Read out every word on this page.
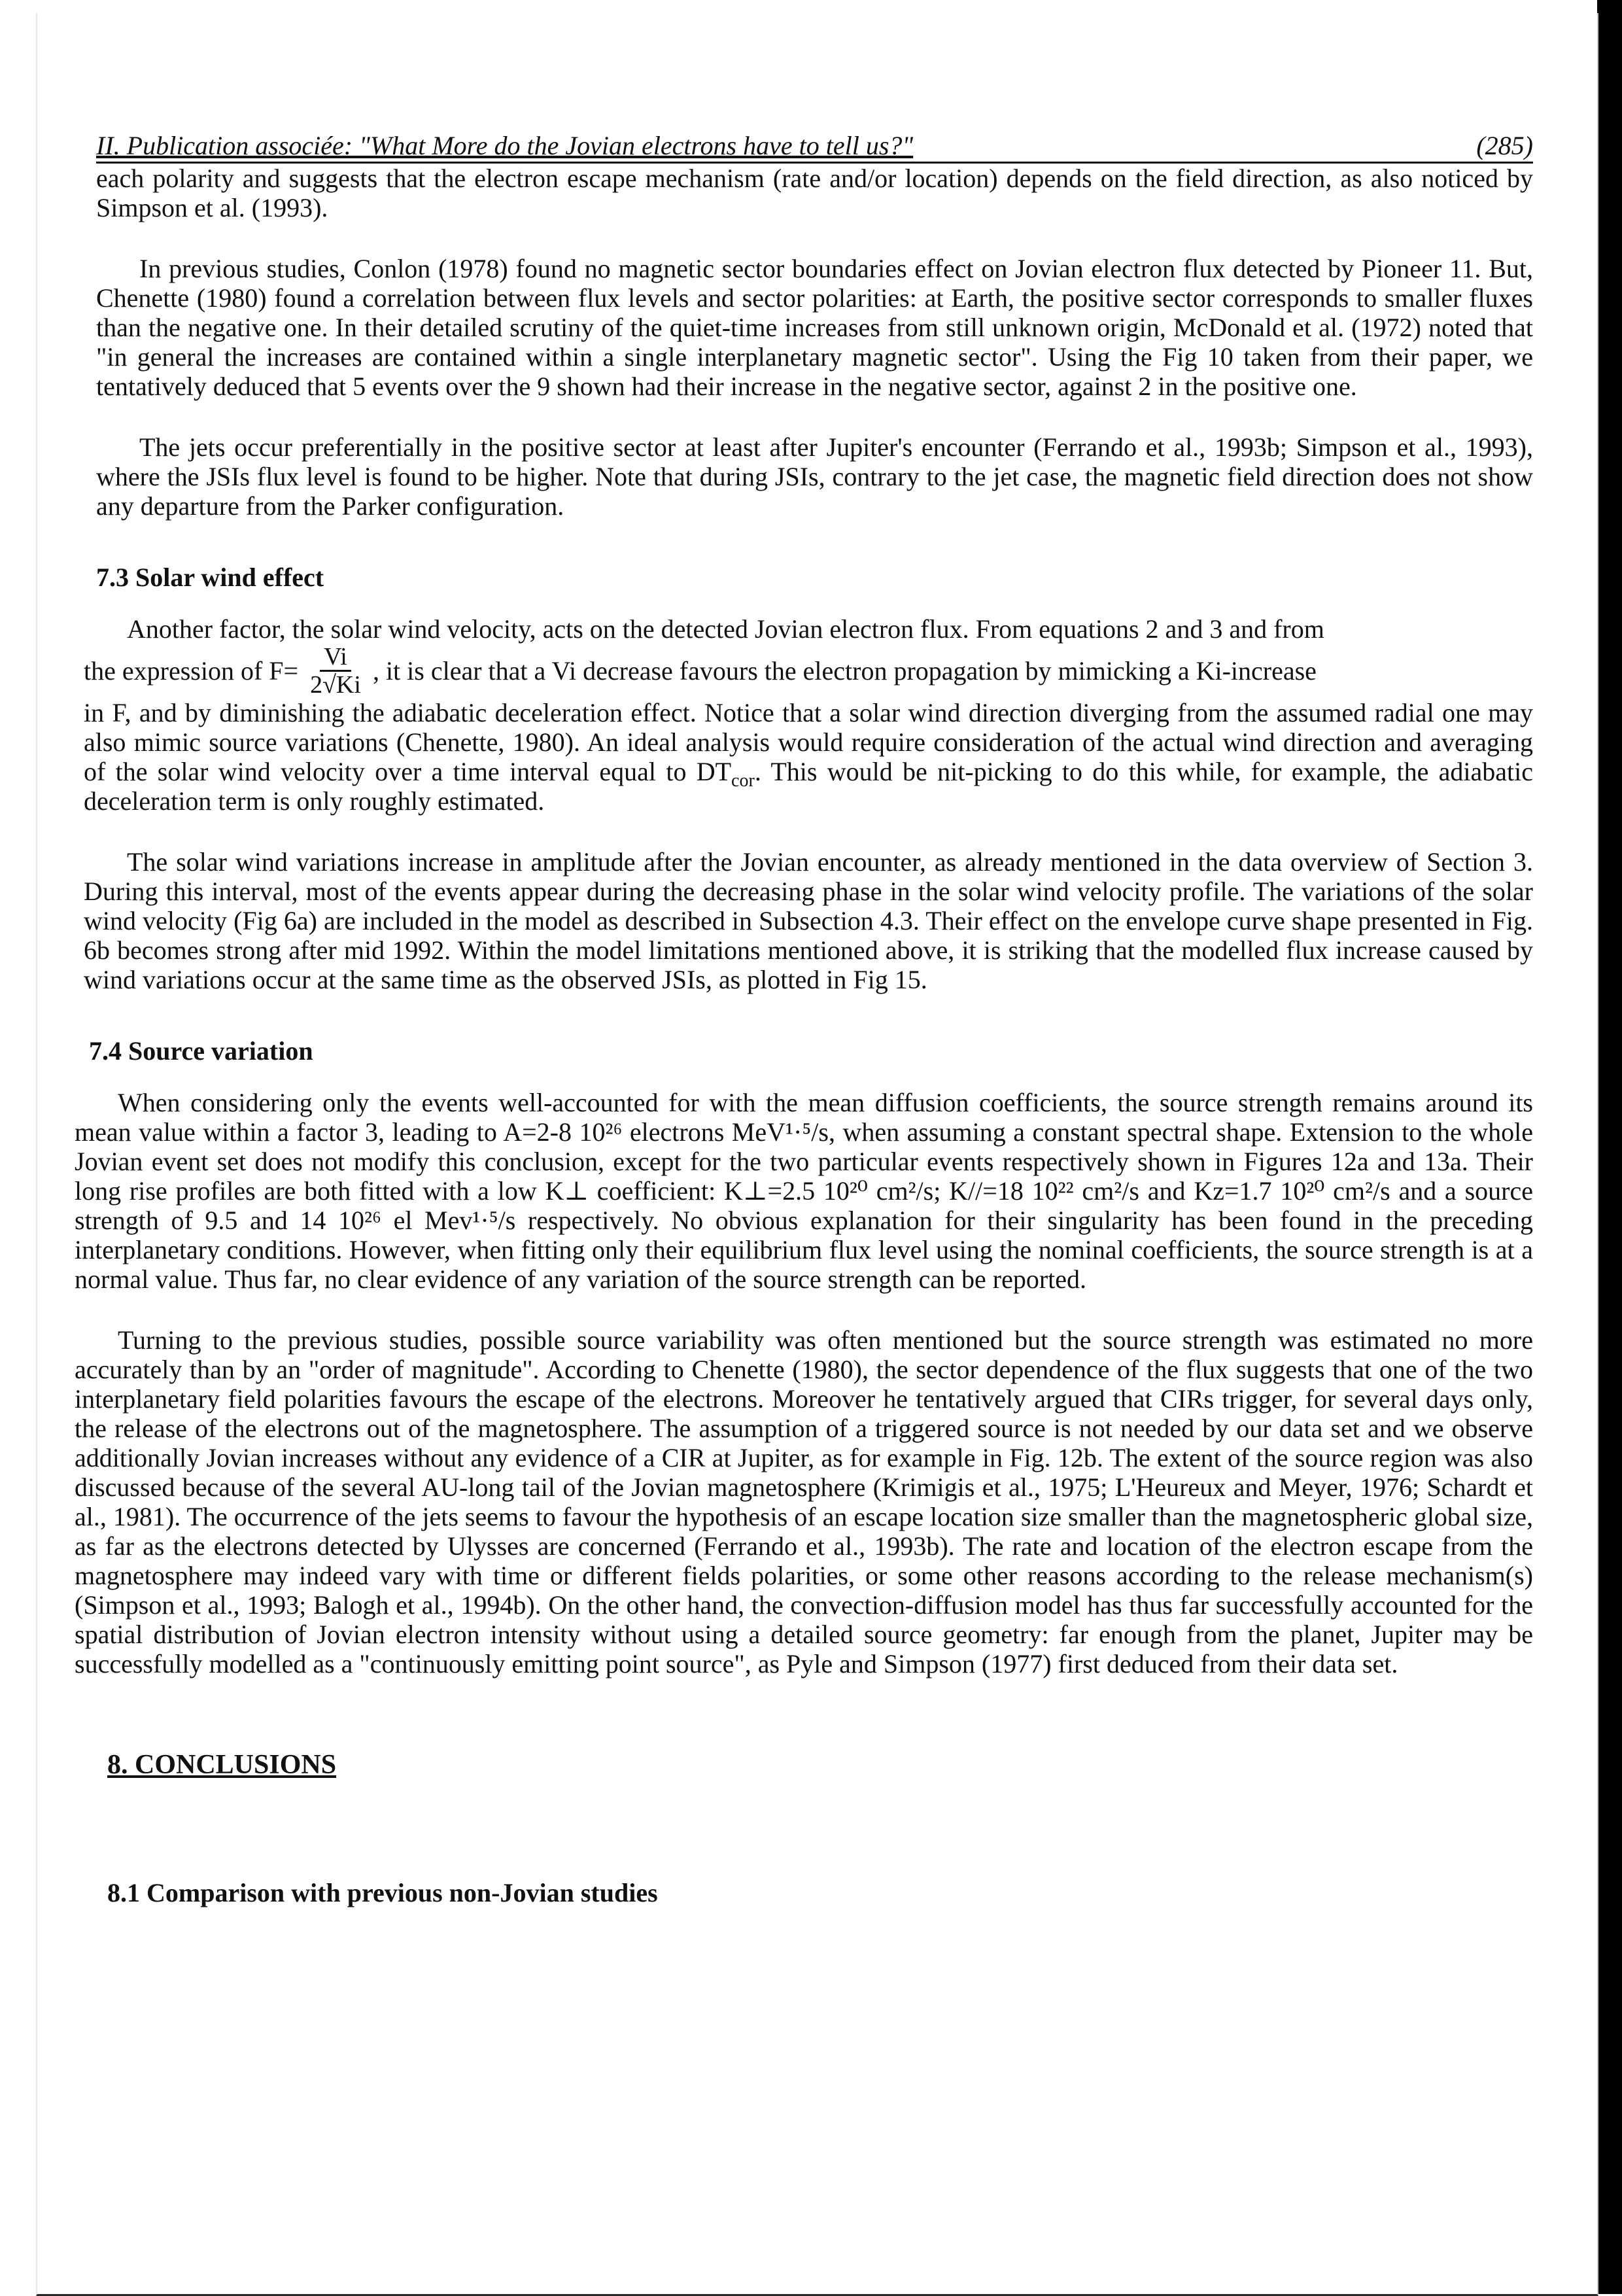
II. Publication associée: "What More do the Jovian electrons have to tell us?"	(285)

each polarity and suggests that the electron escape mechanism (rate and/or location) depends on the field direction, as also noticed by Simpson et al. (1993).

In previous studies, Conlon (1978) found no magnetic sector boundaries effect on Jovian electron flux detected by Pioneer 11. But, Chenette (1980) found a correlation between flux levels and sector polarities: at Earth, the positive sector corresponds to smaller fluxes than the negative one. In their detailed scrutiny of the quiet-time increases from still unknown origin, McDonald et al. (1972) noted that "in general the increases are contained within a single interplanetary magnetic sector". Using the Fig 10 taken from their paper, we tentatively deduced that 5 events over the 9 shown had their increase in the negative sector, against 2 in the positive one.

The jets occur preferentially in the positive sector at least after Jupiter's encounter (Ferrando et al., 1993b; Simpson et al., 1993), where the JSIs flux level is found to be higher. Note that during JSIs, contrary to the jet case, the magnetic field direction does not show any departure from the Parker configuration.

7.3 Solar wind effect

Another factor, the solar wind velocity, acts on the detected Jovian electron flux. From equations 2 and 3 and from

the expression of $F= \frac{Vi}{2√Ki}$ , it is clear that a Vi decrease favours the electron propagation by mimicking a Ki-increase

in F, and by diminishing the adiabatic deceleration effect. Notice that a solar wind direction diverging from the assumed radial one may also mimic source variations (Chenette, 1980). An ideal analysis would require consideration of the actual wind direction and averaging of the solar wind velocity over a time interval equal to $DT_{cor}$. This would be nit-picking to do this while, for example, the adiabatic deceleration term is only roughly estimated.

The solar wind variations increase in amplitude after the Jovian encounter, as already mentioned in the data overview of Section 3. During this interval, most of the events appear during the decreasing phase in the solar wind velocity profile. The variations of the solar wind velocity (Fig 6a) are included in the model as described in Subsection 4.3. Their effect on the envelope curve shape presented in Fig. 6b becomes strong after mid 1992. Within the model limitations mentioned above, it is striking that the modelled flux increase caused by wind variations occur at the same time as the observed JSIs, as plotted in Fig 15.

7.4 Source variation

When considering only the events well-accounted for with the mean diffusion coefficients, the source strength remains around its mean value within a factor 3, leading to A=2-8 10²⁶ electrons MeV¹·⁵/s, when assuming a constant spectral shape. Extension to the whole Jovian event set does not modify this conclusion, except for the two particular events respectively shown in Figures 12a and 13a. Their long rise profiles are both fitted with a low K⊥ coefficient: K⊥=2.5 10²⁰ cm²/s; K//=18 10²² cm²/s and Kz=1.7 10²⁰ cm²/s and a source strength of 9.5 and 14 10²⁶ el Mev¹·⁵/s respectively. No obvious explanation for their singularity has been found in the preceding interplanetary conditions. However, when fitting only their equilibrium flux level using the nominal coefficients, the source strength is at a normal value. Thus far, no clear evidence of any variation of the source strength can be reported.

Turning to the previous studies, possible source variability was often mentioned but the source strength was estimated no more accurately than by an "order of magnitude". According to Chenette (1980), the sector dependence of the flux suggests that one of the two interplanetary field polarities favours the escape of the electrons. Moreover he tentatively argued that CIRs trigger, for several days only, the release of the electrons out of the magnetosphere. The assumption of a triggered source is not needed by our data set and we observe additionally Jovian increases without any evidence of a CIR at Jupiter, as for example in Fig. 12b. The extent of the source region was also discussed because of the several AU-long tail of the Jovian magnetosphere (Krimigis et al., 1975; L'Heureux and Meyer, 1976; Schardt et al., 1981). The occurrence of the jets seems to favour the hypothesis of an escape location size smaller than the magnetospheric global size, as far as the electrons detected by Ulysses are concerned (Ferrando et al., 1993b). The rate and location of the electron escape from the magnetosphere may indeed vary with time or different fields polarities, or some other reasons according to the release mechanism(s) (Simpson et al., 1993; Balogh et al., 1994b). On the other hand, the convection-diffusion model has thus far successfully accounted for the spatial distribution of Jovian electron intensity without using a detailed source geometry: far enough from the planet, Jupiter may be successfully modelled as a "continuously emitting point source", as Pyle and Simpson (1977) first deduced from their data set.

8. CONCLUSIONS
8.1 Comparison with previous non-Jovian studies
